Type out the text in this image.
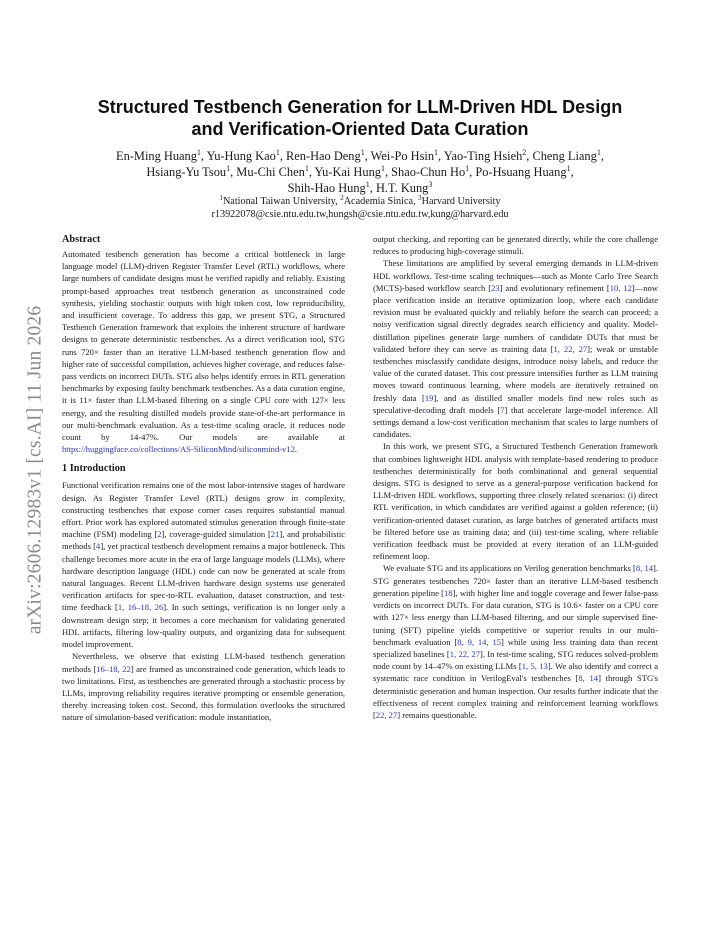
arXiv:2606.12983v1 [cs.AI] 11 Jun 2026
Structured Testbench Generation for LLM-Driven HDL Design
and Verification-Oriented Data Curation
En-Ming Huang$^1$, Yu-Hung Kao$^1$, Ren-Hao Deng$^1$, Wei-Po Hsin$^1$, Yao-Ting Hsieh$^2$, Cheng Liang$^1$,
Hsiang-Yu Tsou$^1$, Mu-Chi Chen$^1$, Yu-Kai Hung$^1$, Shao-Chun Ho$^1$, Po-Hsuang Huang$^1$,
Shih-Hao Hung$^1$, H.T. Kung$^3$
$^1$National Taiwan University, $^2$Academia Sinica, $^3$Harvard University
r13922078@csie.ntu.edu.tw,hungsh@csie.ntu.edu.tw,kung@harvard.edu
Abstract

Automated testbench generation has become a critical bottleneck in large language model (LLM)-driven Register Transfer Level (RTL) workflows, where large numbers of candidate designs must be verified rapidly and reliably. Existing prompt-based approaches treat testbench generation as unconstrained code synthesis, yielding stochastic outputs with high token cost, low reproducibility, and insufficient coverage. To address this gap, we present STG, a Structured Testbench Generation framework that exploits the inherent structure of hardware designs to generate deterministic testbenches. As a direct verification tool, STG runs 720× faster than an iterative LLM-based testbench generation flow and higher rate of successful compilation, achieves higher coverage, and reduces false-pass verdicts on incorrect DUTs. STG also helps identify errors in RTL generation benchmarks by exposing faulty benchmark testbenches. As a data curation engine, it is 11× faster than LLM-based filtering on a single CPU core with 127× less energy, and the resulting distilled models provide state-of-the-art performance in our multi-benchmark evaluation. As a test-time scaling oracle, it reduces node count by 14-47%. Our models are available at https://huggingface.co/collections/AS-SiliconMind/siliconmind-v12.

1 Introduction

Functional verification remains one of the most labor-intensive stages of hardware design. As Register Transfer Level (RTL) designs grow in complexity, constructing testbenches that expose corner cases requires substantial manual effort. Prior work has explored automated stimulus generation through finite-state machine (FSM) modeling [2], coverage-guided simulation [21], and probabilistic methods [4], yet practical testbench development remains a major bottleneck. This challenge becomes more acute in the era of large language models (LLMs), where hardware description language (HDL) code can now be generated at scale from natural languages. Recent LLM-driven hardware design systems use generated verification artifacts for spec-to-RTL evaluation, dataset construction, and test-time feedback [1, 16–18, 26]. In such settings, verification is no longer only a downstream design step; it becomes a core mechanism for validating generated HDL artifacts, filtering low-quality outputs, and organizing data for subsequent model improvement.

Nevertheless, we observe that existing LLM-based testbench generation methods [16–18, 22] are framed as unconstrained code generation, which leads to two limitations. First, as testbenches are generated through a stochastic process by LLMs, improving reliability requires iterative prompting or ensemble generation, thereby increasing token cost. Second, this formulation overlooks the structured nature of simulation-based verification: module instantiation,

output checking, and reporting can be generated directly, while the core challenge reduces to producing high-coverage stimuli.

These limitations are amplified by several emerging demands in LLM-driven HDL workflows. Test-time scaling techniques—such as Monte Carlo Tree Search (MCTS)-based workflow search [23] and evolutionary refinement [10, 12]—now place verification inside an iterative optimization loop, where each candidate revision must be evaluated quickly and reliably before the search can proceed; a noisy verification signal directly degrades search efficiency and quality. Model-distillation pipelines generate large numbers of candidate DUTs that must be validated before they can serve as training data [1, 22, 27]; weak or unstable testbenches misclassify candidate designs, introduce noisy labels, and reduce the value of the curated dataset. This cost pressure intensifies further as LLM training moves toward continuous learning, where models are iteratively retrained on freshly data [19], and as distilled smaller models find new roles such as speculative-decoding draft models [7] that accelerate large-model inference. All settings demand a low-cost verification mechanism that scales to large numbers of candidates.

In this work, we present STG, a Structured Testbench Generation framework that combines lightweight HDL analysis with template-based rendering to produce testbenches deterministically for both combinational and general sequential designs. STG is designed to serve as a general-purpose verification backend for LLM-driven HDL workflows, supporting three closely related scenarios: (i) direct RTL verification, in which candidates are verified against a golden reference; (ii) verification-oriented dataset curation, as large batches of generated artifacts must be filtered before use as training data; and (iii) test-time scaling, where reliable verification feedback must be provided at every iteration of an LLM-guided refinement loop.

We evaluate STG and its applications on Verilog generation benchmarks [8, 14]. STG generates testbenches 720× faster than an iterative LLM-based testbench generation pipeline [18], with higher line and toggle coverage and fewer false-pass verdicts on incorrect DUTs. For data curation, STG is 10.6× faster on a CPU core with 127× less energy than LLM-based filtering, and our simple supervised fine-tuning (SFT) pipeline yields competitive or superior results in our multi-benchmark evaluation [8, 9, 14, 15] while using less training data than recent specialized baselines [1, 22, 27]. In test-time scaling, STG reduces solved-problem node count by 14–47% on existing LLMs [1, 5, 13]. We also identify and correct a systematic race condition in VerilogEval's testbenches [8, 14] through STG's deterministic generation and human inspection. Our results further indicate that the effectiveness of recent complex training and reinforcement learning workflows [22, 27] remains questionable.
